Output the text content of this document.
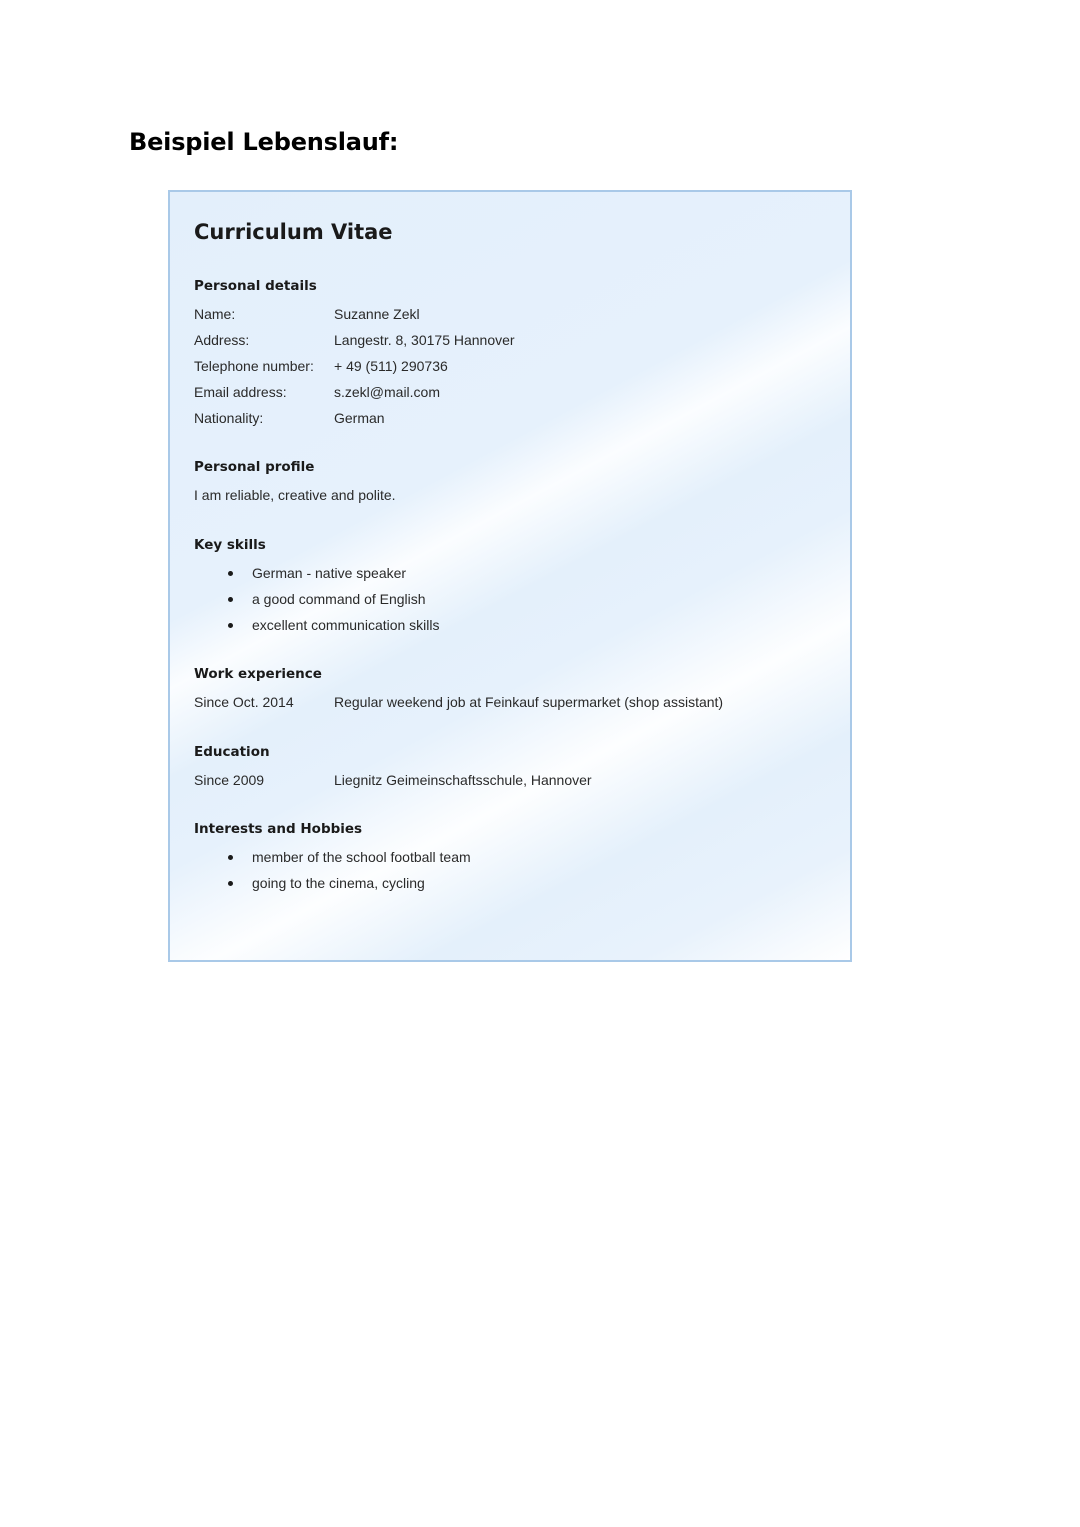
Beispiel Lebenslauf:
Curriculum Vitae
Personal details
Name:	Suzanne Zekl
Address:	Langestr. 8, 30175 Hannover
Telephone number: + 49 (511) 290736
Email address:	s.zekl@mail.com
Nationality:	German
Personal profile
I am reliable, creative and polite.
Key skills
German - native speaker
a good command of English
excellent communication skills
Work experience
Since Oct. 2014	Regular weekend job at Feinkauf supermarket (shop assistant)
Education
Since 2009	Liegnitz Geimeinschaftsschule, Hannover
Interests and Hobbies
member of the school football team
going to the cinema, cycling
